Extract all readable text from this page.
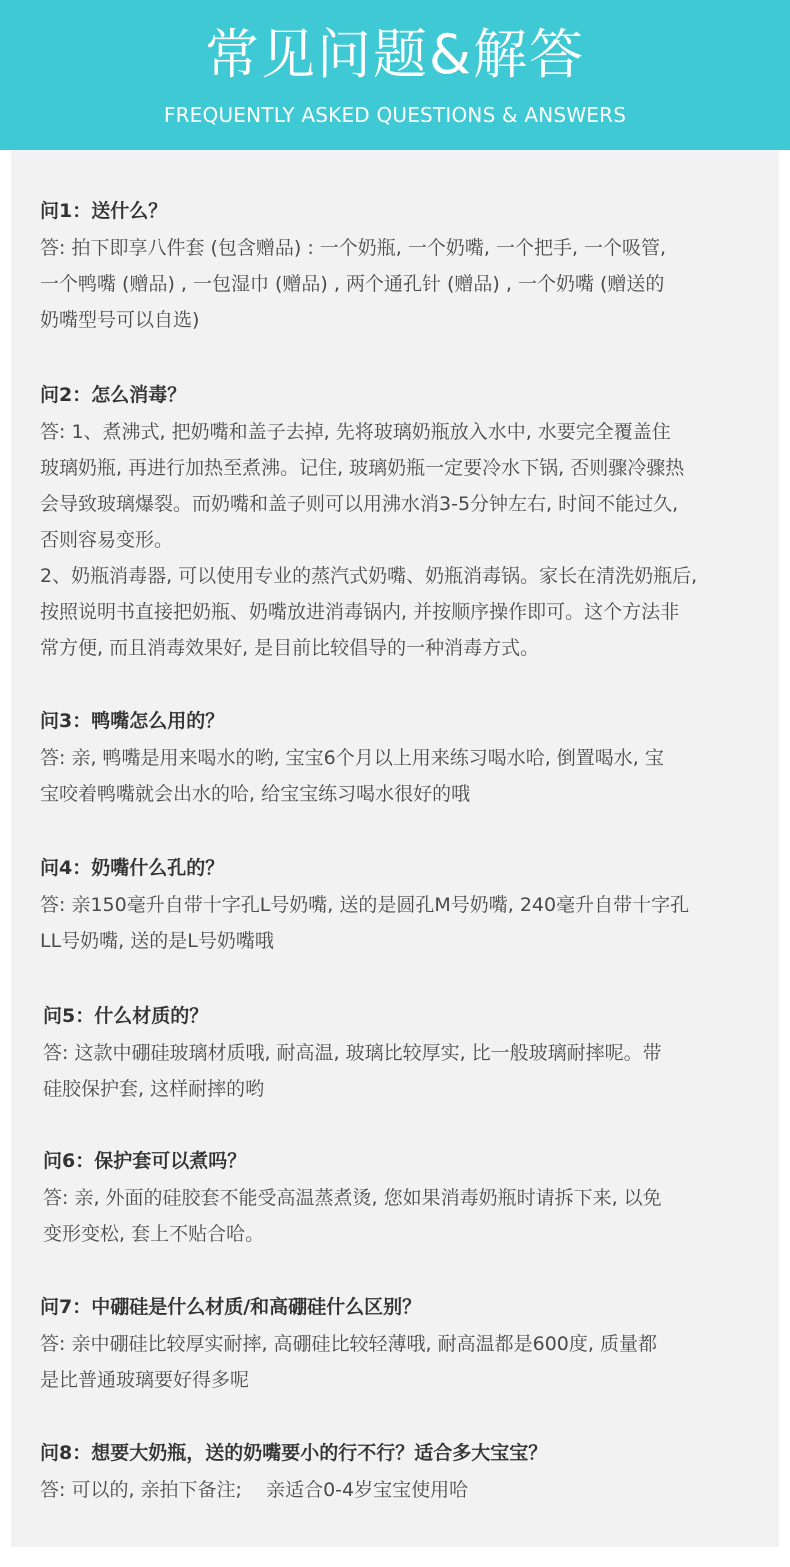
常见问题&解答
FREQUENTLY ASKED QUESTIONS & ANSWERS
问1：送什么？
答: 拍下即享八件套 (包含赠品) : 一个奶瓶, 一个奶嘴, 一个把手, 一个吸管,
一个鸭嘴 (赠品) , 一包湿巾 (赠品) , 两个通孔针 (赠品) , 一个奶嘴 (赠送的
奶嘴型号可以自选)
问2：怎么消毒？
答: 1、煮沸式, 把奶嘴和盖子去掉, 先将玻璃奶瓶放入水中, 水要完全覆盖住
玻璃奶瓶, 再进行加热至煮沸。记住, 玻璃奶瓶一定要冷水下锅, 否则骤冷骤热
会导致玻璃爆裂。而奶嘴和盖子则可以用沸水消3-5分钟左右, 时间不能过久,
否则容易变形。
2、奶瓶消毒器, 可以使用专业的蒸汽式奶嘴、奶瓶消毒锅。家长在清洗奶瓶后,
按照说明书直接把奶瓶、奶嘴放进消毒锅内, 并按顺序操作即可。这个方法非
常方便, 而且消毒效果好, 是目前比较倡导的一种消毒方式。
问3：鸭嘴怎么用的？
答: 亲, 鸭嘴是用来喝水的哟, 宝宝6个月以上用来练习喝水哈, 倒置喝水, 宝
宝咬着鸭嘴就会出水的哈, 给宝宝练习喝水很好的哦
问4：奶嘴什么孔的？
答: 亲150毫升自带十字孔L号奶嘴, 送的是圆孔M号奶嘴, 240毫升自带十字孔
LL号奶嘴, 送的是L号奶嘴哦
问5：什么材质的？
答: 这款中硼硅玻璃材质哦, 耐高温, 玻璃比较厚实, 比一般玻璃耐摔呢。带
硅胶保护套, 这样耐摔的哟
问6：保护套可以煮吗？
答: 亲, 外面的硅胶套不能受高温蒸煮烫, 您如果消毒奶瓶时请拆下来, 以免
变形变松, 套上不贴合哈。
问7：中硼硅是什么材质/和高硼硅什么区别？
答: 亲中硼硅比较厚实耐摔, 高硼硅比较轻薄哦, 耐高温都是600度, 质量都
是比普通玻璃要好得多呢
问8：想要大奶瓶，送的奶嘴要小的行不行？适合多大宝宝？
答: 可以的, 亲拍下备注;    亲适合0-4岁宝宝使用哈
